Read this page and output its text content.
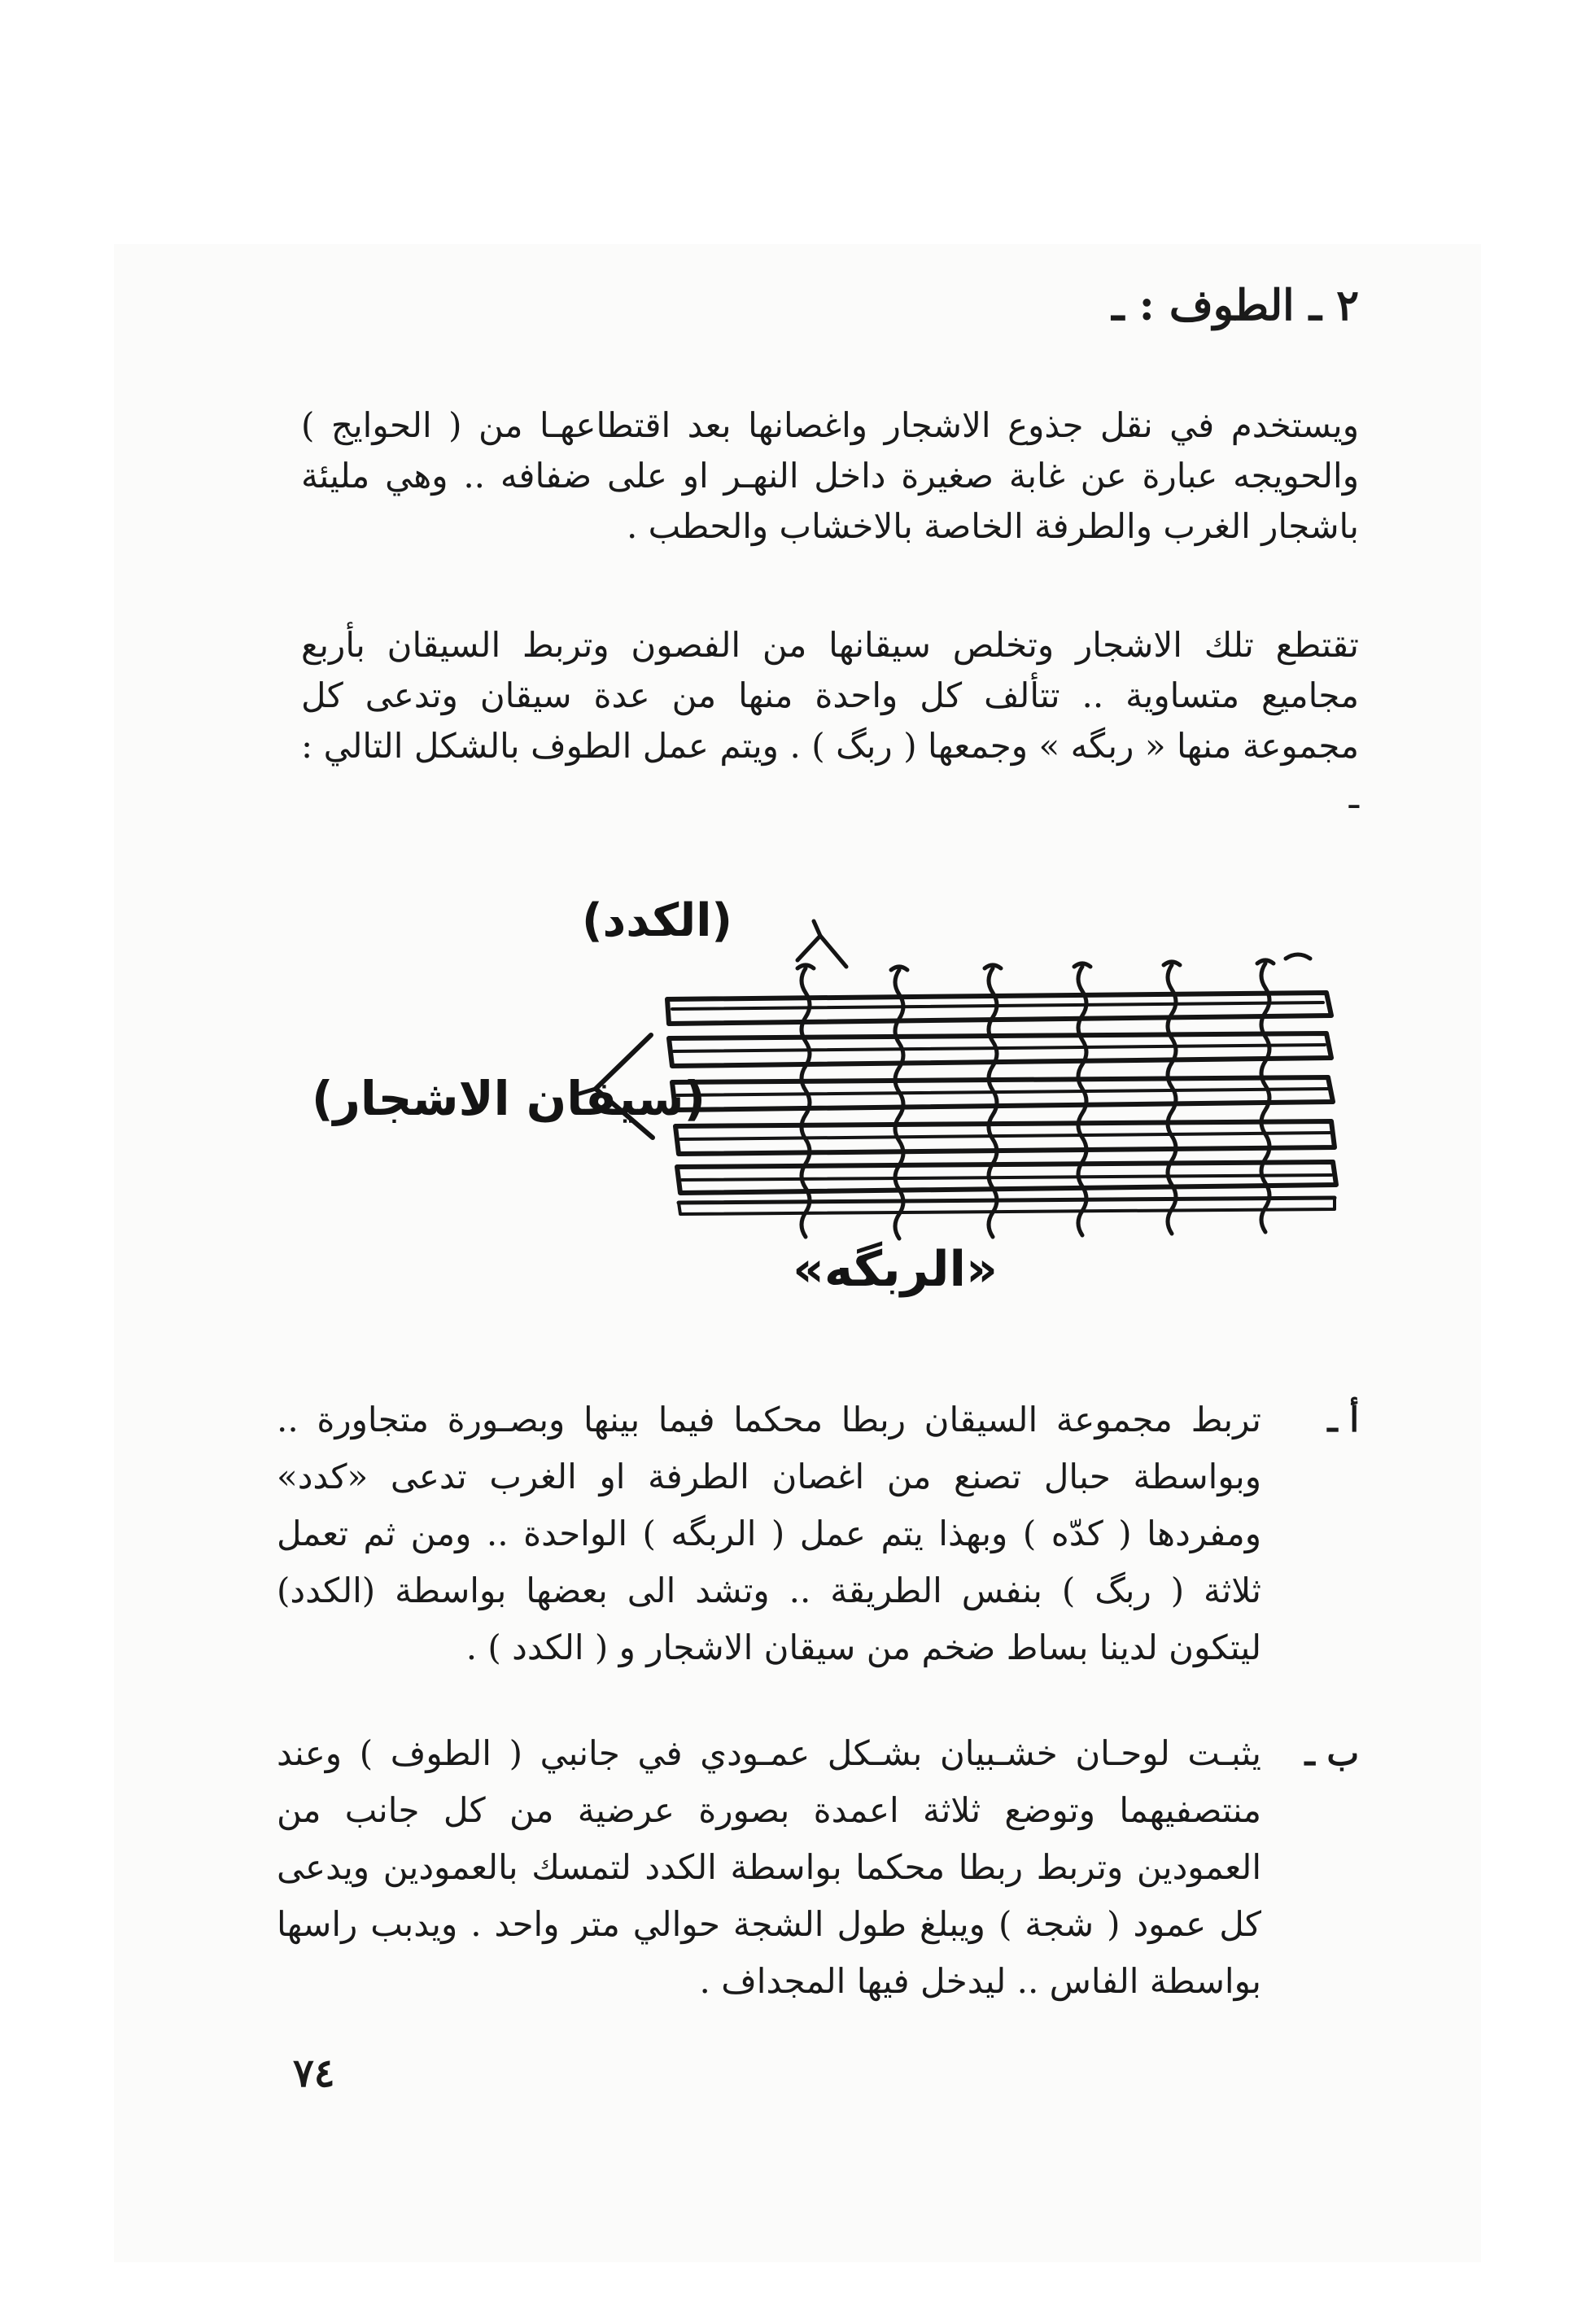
٢ ـ الطوف : ـ

ويستخدم في نقل جذوع الاشجار واغصانها بعد اقتطاعهـا من ( الحوايج ) والحويجه عبارة عن غابة صغيرة داخل النهـر او على ضفافه .. وهي مليئة باشجار الغرب والطرفة الخاصة بالاخشاب والحطب .

تقتطع تلك الاشجار وتخلص سيقانها من الفصون وتربط السيقان بأربع مجاميع متساوية .. تتألف كل واحدة منها من عدة سيقان وتدعى كل مجموعة منها « ربگه » وجمعها ( ربگ ) . ويتم عمل الطوف بالشكل التالي : ـ

(الكدد)
(سيقان الاشجار)
«الربگه»
أ ـ
تربط مجموعة السيقان ربطا محكما فيما بينها وبصـورة متجاورة .. وبواسطة حبال تصنع من اغصان الطرفة او الغرب تدعى «كدد» ومفردها ( كدّه ) وبهذا يتم عمل ( الربگه ) الواحدة .. ومن ثم تعمل ثلاثة ( ربگ ) بنفس الطريقة .. وتشد الى بعضها بواسطة (الكدد) ليتكون لدينا بساط ضخم من سيقان الاشجار و ( الكدد ) .
ب ـ
يثبـت لوحـان خشـبيان بشـكل عمـودي في جانبي ( الطوف ) وعند منتصفيهما وتوضع ثلاثة اعمدة بصورة عرضية من كل جانب من العمودين وتربط ربطا محكما بواسطة الكدد لتمسك بالعمودين ويدعى كل عمود ( شجة ) ويبلغ طول الشجة حوالي متر واحد . ويدبب راسها بواسطة الفاس .. ليدخل فيها المجداف .
٧٤
